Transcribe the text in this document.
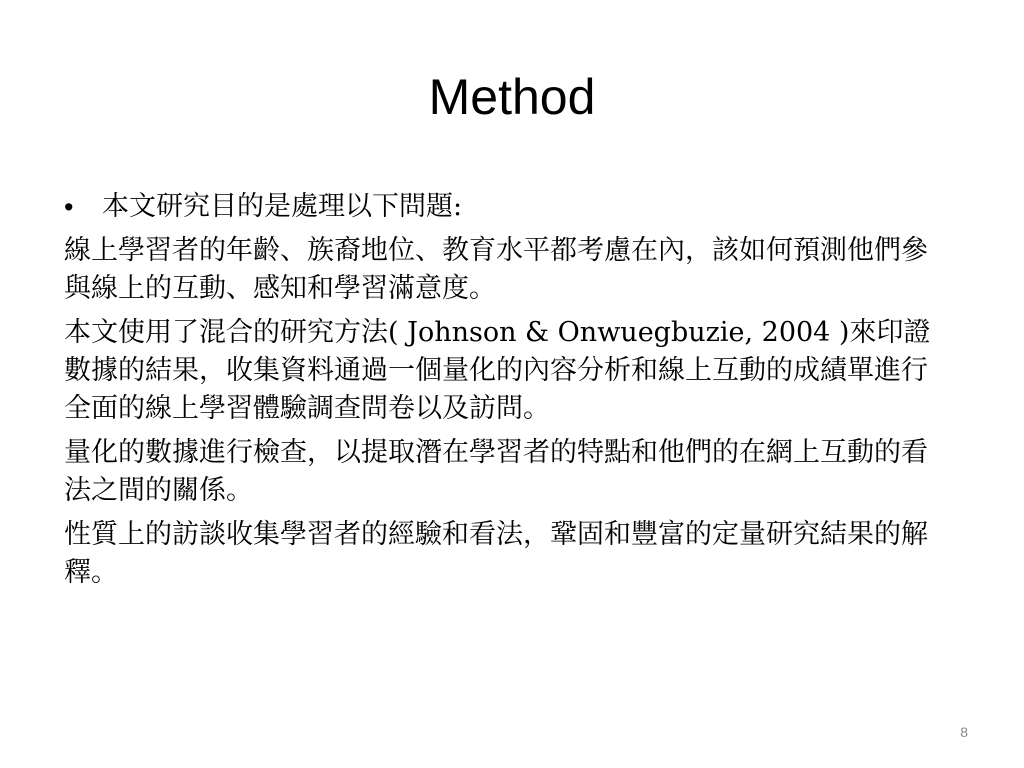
Method
• 本文研究目的是處理以下問題:

線上學習者的年齡、族裔地位、教育水平都考慮在內，該如何預測他們參與線上的互動、感知和學習滿意度。

本文使用了混合的研究方法( Johnson & Onwuegbuzie, 2004 )來印證數據的結果，收集資料通過一個量化的內容分析和線上互動的成績單進行全面的線上學習體驗調查問卷以及訪問。

量化的數據進行檢查，以提取潛在學習者的特點和他們的在網上互動的看法之間的關係。

性質上的訪談收集學習者的經驗和看法，鞏固和豐富的定量研究結果的解釋。

8
